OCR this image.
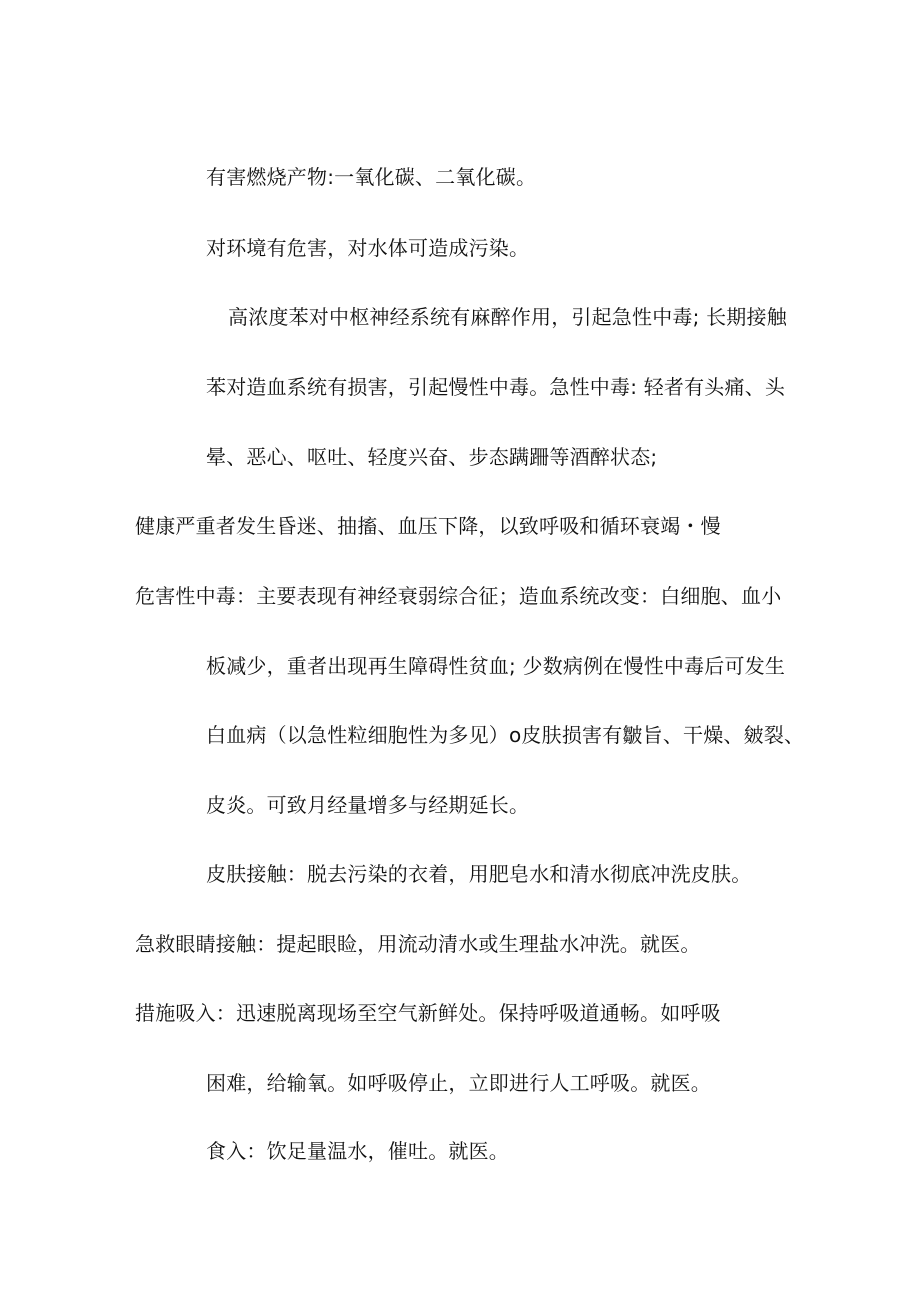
有害燃烧产物:一氧化碳、二氧化碳。
对环境有危害，对水体可造成污染。
高浓度苯对中枢神经系统有麻醉作用，引起急性中毒; 长期接触
苯对造血系统有损害，引起慢性中毒。急性中毒: 轻者有头痛、头
晕、恶心、呕吐、轻度兴奋、步态蹒跚等酒醉状态;
健康严重者发生昏迷、抽搐、血压下降，以致呼吸和循环衰竭・慢
危害性中毒：主要表现有神经衰弱综合征；造血系统改变：白细胞、血小
板减少，重者出现再生障碍性贫血; 少数病例在慢性中毒后可发生
白血病（以急性粒细胞性为多见）o皮肤损害有皺旨、干燥、皴裂、
皮炎。可致月经量增多与经期延长。
皮肤接触：脱去污染的衣着，用肥皂水和清水彻底冲洗皮肤。
急救眼睛接触：提起眼睑，用流动清水或生理盐水冲洗。就医。
措施吸入：迅速脱离现场至空气新鲜处。保持呼吸道通畅。如呼吸
困难，给输氧。如呼吸停止，立即进行人工呼吸。就医。
食入：饮足量温水，催吐。就医。
